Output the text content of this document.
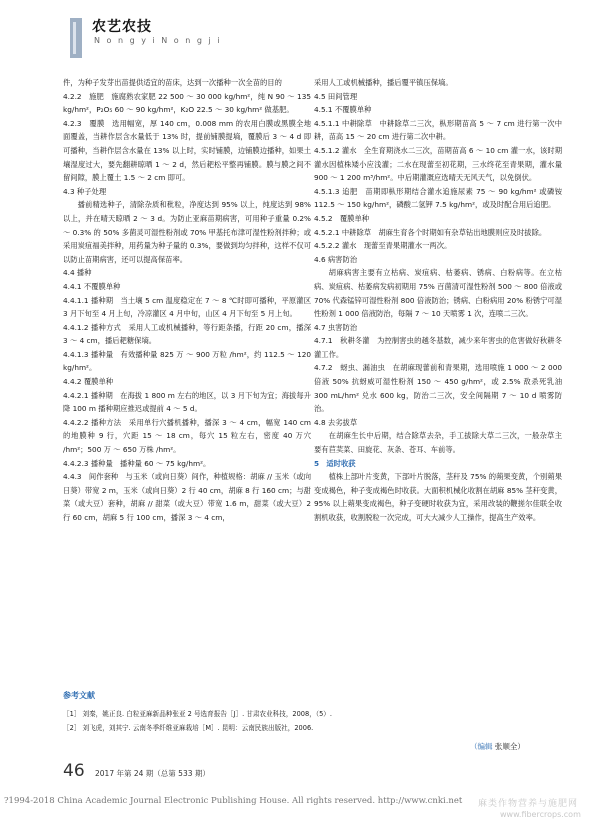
农艺农技
N o n g y i N o n g j i

件，为种子发芽出苗提供适宜的苗床，达到一次播种一次全苗的目的

4.2.2　施肥　施腐熟农家肥 22 500 ～ 30 000 kg/hm²，纯 N 90 ～ 135 kg/hm²，P₂O₅ 60 ～ 90 kg/hm²，K₂O 22.5 ～ 30 kg/hm² 做基肥。

4.2.3　覆膜　选用幅宽，厚 140 cm，0.008 mm 的农用白膜或黑膜全地面覆盖，当耕作层含水量低于 13% 时，提前铺膜提墒，覆膜后 3 ～ 4 d 即可播种，当耕作层含水量在 13% 以上时，实时铺膜，边铺膜边播种，如果土壤湿度过大，要先翻耕晾晒 1 ～ 2 d，然后耙松平整再铺膜。膜与膜之间不留间隙，膜上覆土 1.5 ～ 2 cm 即可。

4.3 种子处理

播前精选种子，清除杂质和秕粒，净度达到 95% 以上，纯度达到 98% 以上，并在晴天晾晒 2 ～ 3 d。为防止亚麻苗期病害，可用种子重量 0.2% ～ 0.3% 的 50% 多菌灵可湿性粉剂或 70% 甲基托布津可湿性粉剂拌种；或采用炭疽福美拌种，用药量为种子量的 0.3%，要做到均匀拌种，这样不仅可以防止苗期病害，还可以提高保苗率。

4.4 播种

4.4.1 不覆膜单种

4.4.1.1 播种期　当土壤 5 cm 温度稳定在 7 ～ 8 ℃时即可播种，平原灌区 3 月下旬至 4 月上旬，冷凉灌区 4 月中旬，山区 4 月下旬至 5 月上旬。

4.4.1.2 播种方式　采用人工或机械播种，等行距条播，行距 20 cm，播深 3 ～ 4 cm，播后耙糖保墒。

4.4.1.3 播种量　有效播种量 825 万 ～ 900 万粒 /hm²，约 112.5 ～ 120 kg/hm²。

4.4.2 覆膜单种

4.4.2.1 播种期　在海拔 1 800 m 左右的地区，以 3 月下旬为宜；海拔每升降 100 m 播种期应推迟或提前 4 ～ 5 d。

4.4.2.2 播种方法　采用单行穴播机播种，播深 3 ～ 4 cm，幅宽 140 cm 的地膜种 9 行，穴距 15 ～ 18 cm，每穴 15 粒左右，密度 40 万穴 /hm²；500 万 ～ 650 万株 /hm²。

4.4.2.3 播种量　播种量 60 ～ 75 kg/hm²。

4.4.3　间作套种　与玉米（或向日葵）间作，种植规格：胡麻 // 玉米（或向日葵）带宽 2 m，玉米（或向日葵）2 行 40 cm，胡麻 8 行 160 cm；与甜菜（或大豆）套种，胡麻 // 甜菜（或大豆）带宽 1.6 m，甜菜（或大豆）2 行 60 cm，胡麻 5 行 100 cm，播深 3 ～ 4 cm，

采用人工或机械播种，播后覆平镇压保墒。

4.5 田间管理

4.5.1 不覆膜单种

4.5.1.1 中耕除草　中耕除草二三次，枞形期苗高 5 ～ 7 cm 进行第一次中耕，苗高 15 ～ 20 cm 进行第二次中耕。

4.5.1.2 灌水　全生育期浇水二三次，苗期苗高 6 ～ 10 cm 灌一水，该时期灌水因植株矮小应浅灌；二水在现蕾至初花期，三水终花至青果期，灌水量 900 ～ 1 200 m³/hm²。中后期灌溉应选晴天无风天气，以免倒伏。

4.5.1.3 追肥　苗期即枞形期结合灌水追施尿素 75 ～ 90 kg/hm² 或磷铵 112.5 ～ 150 kg/hm²，磷酸二氢钾 7.5 kg/hm²，或及时配合用后追肥。

4.5.2　覆膜单种

4.5.2.1 中耕除草　胡麻生育各个时期如有杂草钻出地膜则应及时拔除。

4.5.2.2 灌水　现蕾至青果期灌水一两次。

4.6 病害防治

胡麻病害主要有立枯病、炭疽病、枯萎病、锈病、白粉病等。在立枯病、炭疽病、枯萎病发病初期用 75% 百菌清可湿性粉剂 500 ～ 800 倍液或 70% 代森锰锌可湿性粉剂 800 倍液防治；锈病、白粉病用 20% 粉锈宁可湿性粉剂 1 000 倍液防治，每隔 7 ～ 10 天喷雾 1 次，连喷二三次。

4.7 虫害防治

4.7.1　秋耕冬灌　为控制害虫的越冬基数，减少来年害虫的危害做好秋耕冬灌工作。

4.7.2　蚜虫、漏油虫　在胡麻现蕾前和青果期，选用喷施 1 000 ～ 2 000 倍液 50% 抗蚜威可湿性粉剂 150 ～ 450 g/hm²，或 2.5% 敌杀死乳油 300 mL/hm² 兑水 600 kg，防治二三次，安全间隔期 7 ～ 10 d 喷雾防治。

4.8 去劣拔草

在胡麻生长中后期，结合除草去杂，手工拔除大草二三次，一般杂草主要有苣荬菜、田旋花、灰条、苍耳、车前等。

5　适时收获

植株上部叶片变黄，下部叶片脱落，茎秆及 75% 的蒴果变黄，个别蒴果变成褐色，种子变成褐色时收获。大面积机械化收割在胡麻 85% 茎秆变黄，95% 以上蒴果变成褐色，种子变硬时收获为宜，采用改装的鞭搓尔佳联全收割机收获，收割脱粒一次完成，可大大减少人工操作，提高生产效率。

参考文献

［1］ 刘秦，姚正良. 白粒亚麻新品种张亚 2 号选育报告［J］. 甘肃农业科技，2008，（5）.

［2］ 刘飞虎，刘其宁. 云南冬季纤维亚麻栽培［M］. 昆明：云南民族出版社，2006.

（编辑 张顺全）
46 2017 年第 24 期（总第 533 期）
?1994-2018 China Academic Journal Electronic Publishing House. All rights reserved. http://www.cnki.net 麻类作物营养与施肥网
www.fibercrops.com
